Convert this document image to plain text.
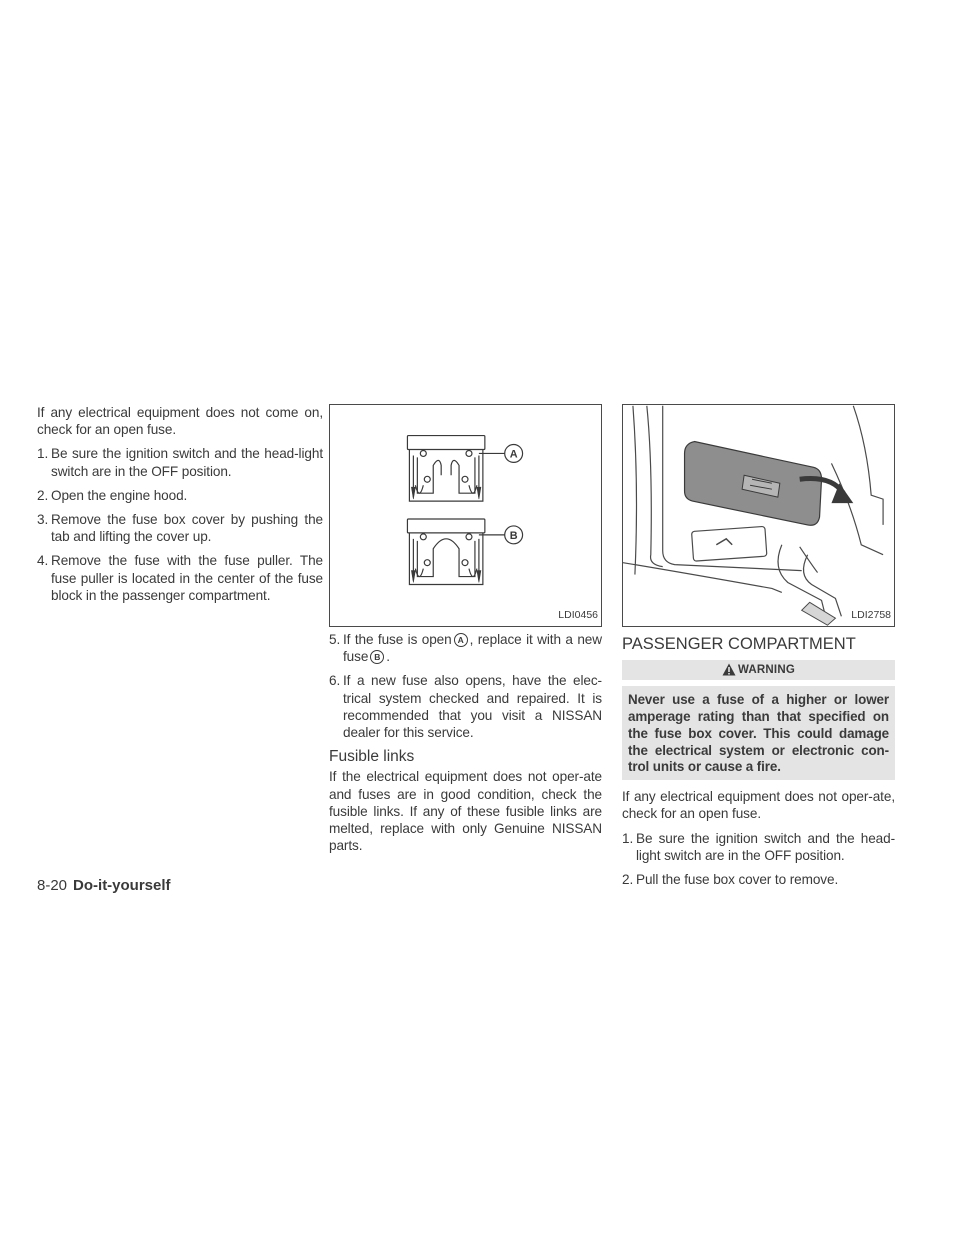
If any electrical equipment does not come on, check for an open fuse.

1. Be sure the ignition switch and the head-light switch are in the OFF position.
2. Open the engine hood.
3. Remove the fuse box cover by pushing the tab and lifting the cover up.
4. Remove the fuse with the fuse puller. The fuse puller is located in the center of the fuse block in the passenger compartment.
A
B
LDI0456
5. If the fuse is open A , replace it with a new fuse B .
6. If a new fuse also opens, have the elec-trical system checked and repaired. It is recommended that you visit a NISSAN dealer for this service.
Fusible links

If the electrical equipment does not oper-ate and fuses are in good condition, check the fusible links. If any of these fusible links are melted, replace with only Genuine NISSAN parts.

LDI2758
PASSENGER COMPARTMENT
WARNING
Never use a fuse of a higher or lower amperage rating than that specified on the fuse box cover. This could damage the electrical system or electronic con-trol units or cause a fire.

If any electrical equipment does not oper-ate, check for an open fuse.

1. Be sure the ignition switch and the head-light switch are in the OFF position.
2. Pull the fuse box cover to remove.
8-20 Do-it-yourself
